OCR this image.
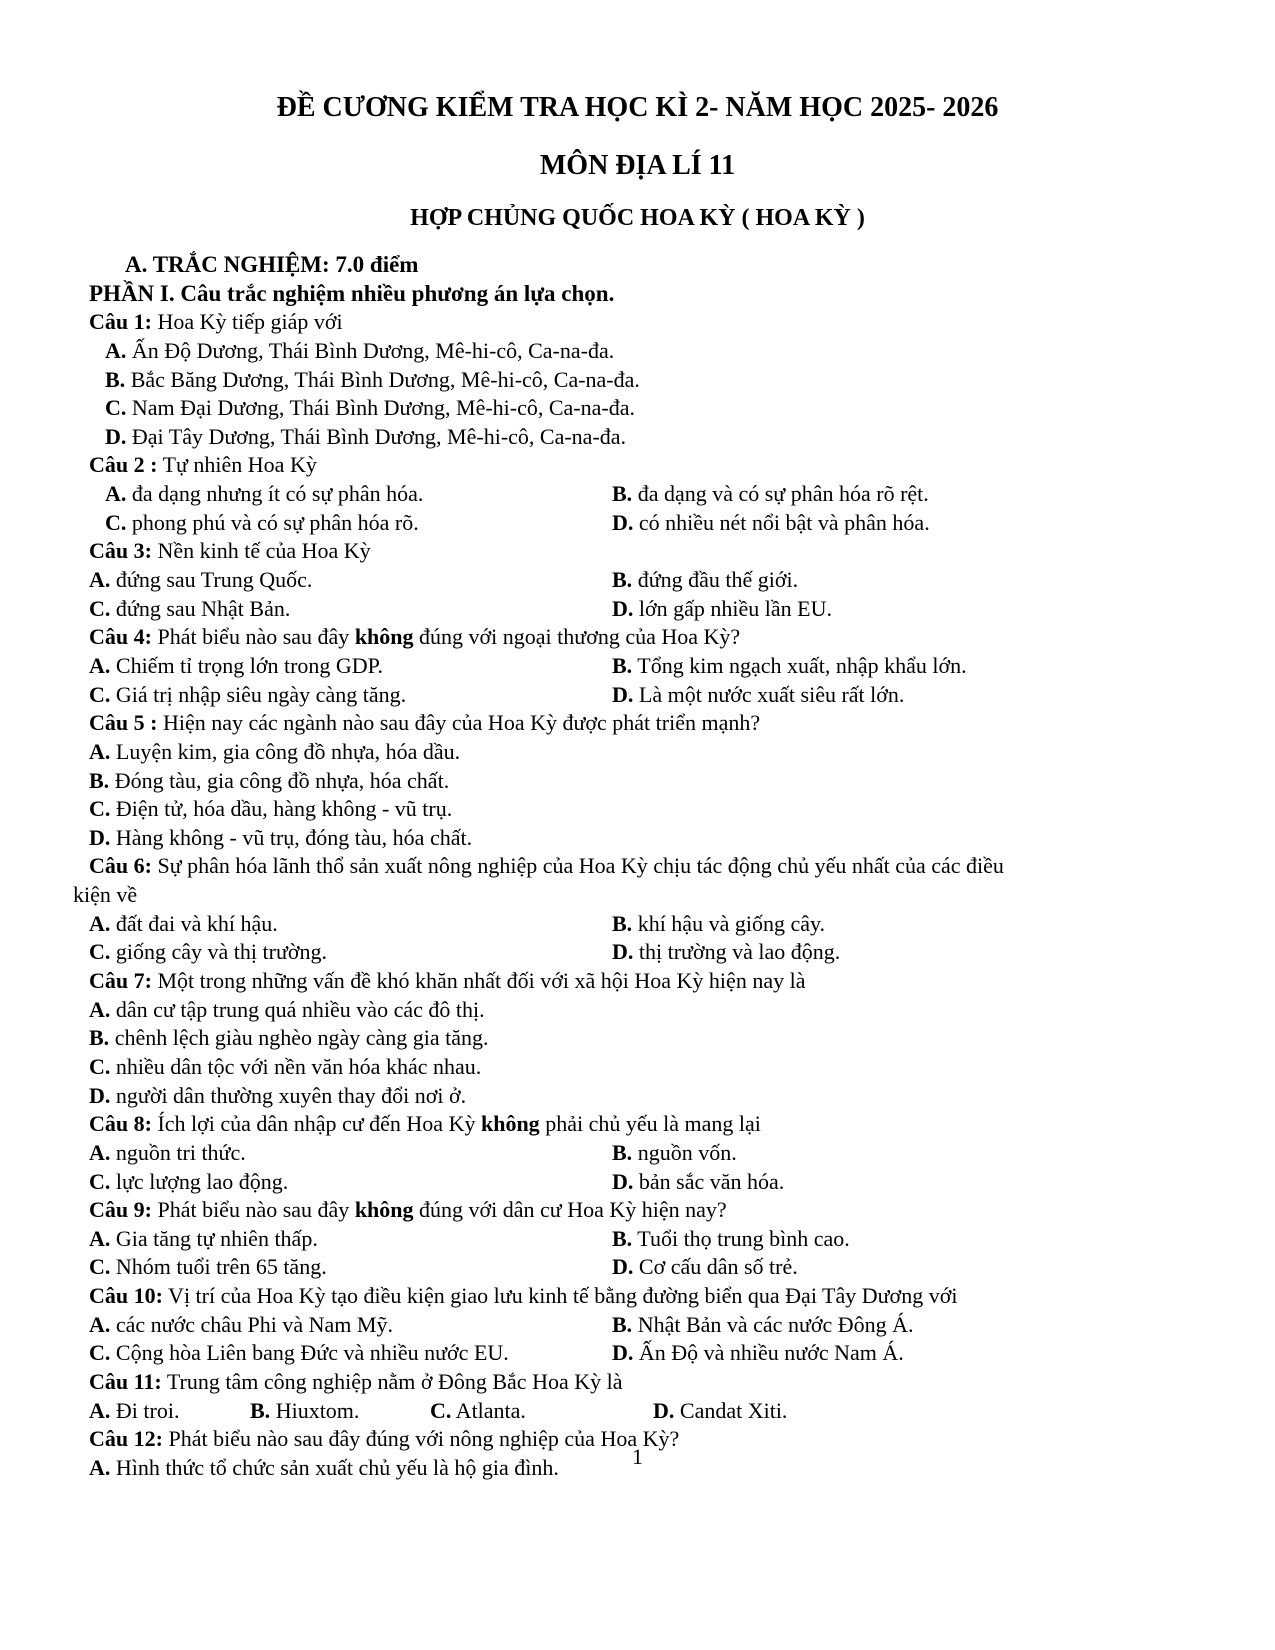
ĐỀ CƯƠNG KIỂM TRA HỌC KÌ 2- NĂM HỌC 2025- 2026
MÔN ĐỊA LÍ 11
HỢP CHỦNG QUỐC HOA KỲ ( HOA KỲ )
A. TRẮC NGHIỆM: 7.0 điểm
PHẦN I. Câu trắc nghiệm nhiều phương án lựa chọn.
Câu 1: Hoa Kỳ tiếp giáp với
A. Ấn Độ Dương, Thái Bình Dương, Mê-hi-cô, Ca-na-đa.
B. Bắc Băng Dương, Thái Bình Dương, Mê-hi-cô, Ca-na-đa.
C. Nam Đại Dương, Thái Bình Dương, Mê-hi-cô, Ca-na-đa.
D. Đại Tây Dương, Thái Bình Dương, Mê-hi-cô, Ca-na-đa.
Câu 2 : Tự nhiên Hoa Kỳ
A. đa dạng nhưng ít có sự phân hóa.	B. đa dạng và có sự phân hóa rõ rệt.
C. phong phú và có sự phân hóa rõ.	D. có nhiều nét nổi bật và phân hóa.
Câu 3: Nền kinh tế của Hoa Kỳ
A. đứng sau Trung Quốc.	B. đứng đầu thế giới.
C. đứng sau Nhật Bản.	D. lớn gấp nhiều lần EU.
Câu 4: Phát biểu nào sau đây không đúng với ngoại thương của Hoa Kỳ?
A. Chiếm tỉ trọng lớn trong GDP.	B. Tổng kim ngạch xuất, nhập khẩu lớn.
C. Giá trị nhập siêu ngày càng tăng.	D. Là một nước xuất siêu rất lớn.
Câu 5 : Hiện nay các ngành nào sau đây của Hoa Kỳ được phát triển mạnh?
A. Luyện kim, gia công đồ nhựa, hóa dầu.
B. Đóng tàu, gia công đồ nhựa, hóa chất.
C. Điện tử, hóa dầu, hàng không - vũ trụ.
D. Hàng không - vũ trụ, đóng tàu, hóa chất.
Câu 6: Sự phân hóa lãnh thổ sản xuất nông nghiệp của Hoa Kỳ chịu tác động chủ yếu nhất của các điều
kiện về
A. đất đai và khí hậu.	B. khí hậu và giống cây.
C. giống cây và thị trường.	D. thị trường và lao động.
Câu 7: Một trong những vấn đề khó khăn nhất đối với xã hội Hoa Kỳ hiện nay là
A. dân cư tập trung quá nhiều vào các đô thị.
B. chênh lệch giàu nghèo ngày càng gia tăng.
C. nhiều dân tộc với nền văn hóa khác nhau.
D. người dân thường xuyên thay đổi nơi ở.
Câu 8: Ích lợi của dân nhập cư đến Hoa Kỳ không phải chủ yếu là mang lại
A. nguồn tri thức.	B. nguồn vốn.
C. lực lượng lao động.	D. bản sắc văn hóa.
Câu 9: Phát biểu nào sau đây không đúng với dân cư Hoa Kỳ hiện nay?
A. Gia tăng tự nhiên thấp.	B. Tuổi thọ trung bình cao.
C. Nhóm tuổi trên 65 tăng.	D. Cơ cấu dân số trẻ.
Câu 10: Vị trí của Hoa Kỳ tạo điều kiện giao lưu kinh tế bằng đường biển qua Đại Tây Dương với
A. các nước châu Phi và Nam Mỹ.	B. Nhật Bản và các nước Đông Á.
C. Cộng hòa Liên bang Đức và nhiều nước EU.	D. Ấn Độ và nhiều nước Nam Á.
Câu 11: Trung tâm công nghiệp nằm ở Đông Bắc Hoa Kỳ là
A. Đi troi.	B. Hiuxtom.	C. Atlanta.	D. Candat Xiti.
Câu 12: Phát biểu nào sau đây đúng với nông nghiệp của Hoa Kỳ?
A. Hình thức tổ chức sản xuất chủ yếu là hộ gia đình.	1
